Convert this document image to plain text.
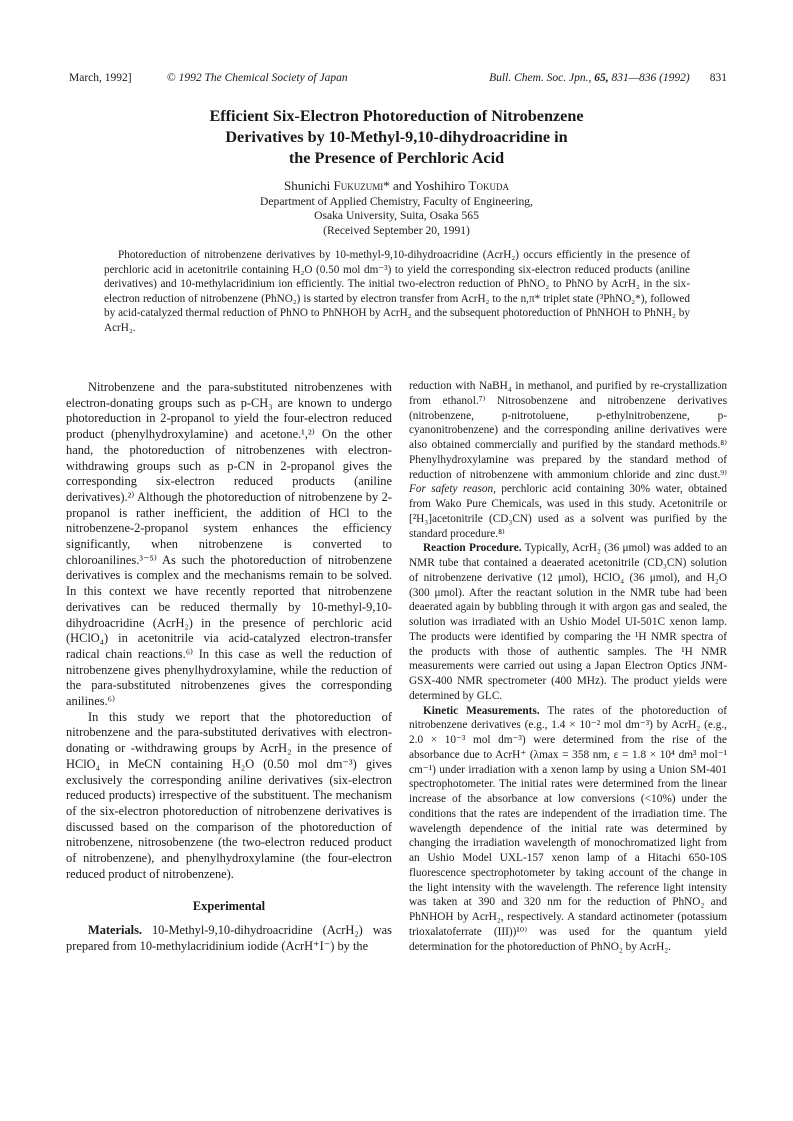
March, 1992]	© 1992 The Chemical Society of Japan	Bull. Chem. Soc. Jpn., 65, 831—836 (1992) 831
Efficient Six-Electron Photoreduction of Nitrobenzene
Derivatives by 10-Methyl-9,10-dihydroacridine in
the Presence of Perchloric Acid
Shunichi Fukuzumi* and Yoshihiro Tokuda
Department of Applied Chemistry, Faculty of Engineering,
Osaka University, Suita, Osaka 565
(Received September 20, 1991)
Photoreduction of nitrobenzene derivatives by 10-methyl-9,10-dihydroacridine (AcrH₂) occurs efficiently in the presence of perchloric acid in acetonitrile containing H₂O (0.50 mol dm⁻³) to yield the corresponding six-electron reduced products (aniline derivatives) and 10-methylacridinium ion efficiently. The initial two-electron reduction of PhNO₂ to PhNO by AcrH₂ in the six-electron reduction of nitrobenzene (PhNO₂) is started by electron transfer from AcrH₂ to the n,π* triplet state (³PhNO₂*), followed by acid-catalyzed thermal reduction of PhNO to PhNHOH by AcrH₂ and the subsequent photoreduction of PhNHOH to PhNH₂ by AcrH₂.

Nitrobenzene and the para-substituted nitrobenzenes with electron-donating groups such as p-CH₃ are known to undergo photoreduction in 2-propanol to yield the four-electron reduced product (phenylhydroxylamine) and acetone.¹,²⁾ On the other hand, the photoreduction of nitrobenzenes with electron-withdrawing groups such as p-CN in 2-propanol gives the corresponding six-electron reduced products (aniline derivatives).²⁾ Although the photoreduction of nitrobenzene by 2-propanol is rather inefficient, the addition of HCl to the nitrobenzene-2-propanol system enhances the efficiency significantly, when nitrobenzene is converted to chloroanilines.³⁻⁵⁾ As such the photoreduction of nitrobenzene derivatives is complex and the mechanisms remain to be solved. In this context we have recently reported that nitrobenzene derivatives can be reduced thermally by 10-methyl-9,10-dihydroacridine (AcrH₂) in the presence of perchloric acid (HClO₄) in acetonitrile via acid-catalyzed electron-transfer radical chain reactions.⁶⁾ In this case as well the reduction of nitrobenzene gives phenylhydroxylamine, while the reduction of the para-substituted nitrobenzenes gives the corresponding anilines.⁶⁾

In this study we report that the photoreduction of nitrobenzene and the para-substituted derivatives with electron-donating or -withdrawing groups by AcrH₂ in the presence of HClO₄ in MeCN containing H₂O (0.50 mol dm⁻³) gives exclusively the corresponding aniline derivatives (six-electron reduced products) irrespective of the substituent. The mechanism of the six-electron photoreduction of nitrobenzene derivatives is discussed based on the comparison of the photoreduction of nitrobenzene, nitrosobenzene (the two-electron reduced product of nitrobenzene), and phenylhydroxylamine (the four-electron reduced product of nitrobenzene).

Experimental

Materials. 10-Methyl-9,10-dihydroacridine (AcrH₂) was prepared from 10-methylacridinium iodide (AcrH⁺I⁻) by the

reduction with NaBH₄ in methanol, and purified by re-crystallization from ethanol.⁷⁾ Nitrosobenzene and nitrobenzene derivatives (nitrobenzene, p-nitrotoluene, p-ethylnitrobenzene, p-cyanonitrobenzene) and the corresponding aniline derivatives were also obtained commercially and purified by the standard methods.⁸⁾ Phenylhydroxylamine was prepared by the standard method of reduction of nitrobenzene with ammonium chloride and zinc dust.⁹⁾ For safety reason, perchloric acid containing 30% water, obtained from Wako Pure Chemicals, was used in this study. Acetonitrile or [²H₃]acetonitrile (CD₃CN) used as a solvent was purified by the standard procedure.⁸⁾

Reaction Procedure. Typically, AcrH₂ (36 μmol) was added to an NMR tube that contained a deaerated acetonitrile (CD₃CN) solution of nitrobenzene derivative (12 μmol), HClO₄ (36 μmol), and H₂O (300 μmol). After the reactant solution in the NMR tube had been deaerated again by bubbling through it with argon gas and sealed, the solution was irradiated with an Ushio Model UI-501C xenon lamp. The products were identified by comparing the ¹H NMR spectra of the products with those of authentic samples. The ¹H NMR measurements were carried out using a Japan Electron Optics JNM-GSX-400 NMR spectrometer (400 MHz). The product yields were determined by GLC.

Kinetic Measurements. The rates of the photoreduction of nitrobenzene derivatives (e.g., 1.4 × 10⁻² mol dm⁻³) by AcrH₂ (e.g., 2.0 × 10⁻³ mol dm⁻³) were determined from the rise of the absorbance due to AcrH⁺ (λmax = 358 nm, ε = 1.8 × 10⁴ dm³ mol⁻¹ cm⁻¹) under irradiation with a xenon lamp by using a Union SM-401 spectrophotometer. The initial rates were determined from the linear increase of the absorbance at low conversions (<10%) under the conditions that the rates are independent of the irradiation time. The wavelength dependence of the initial rate was determined by changing the irradiation wavelength of monochromatized light from an Ushio Model UXL-157 xenon lamp of a Hitachi 650-10S fluorescence spectrophotometer by taking account of the change in the light intensity with the wavelength. The reference light intensity was taken at 390 and 320 nm for the reduction of PhNO₂ and PhNHOH by AcrH₂, respectively. A standard actinometer (potassium trioxalatoferrate (III))¹⁰⁾ was used for the quantum yield determination for the photoreduction of PhNO₂ by AcrH₂.
